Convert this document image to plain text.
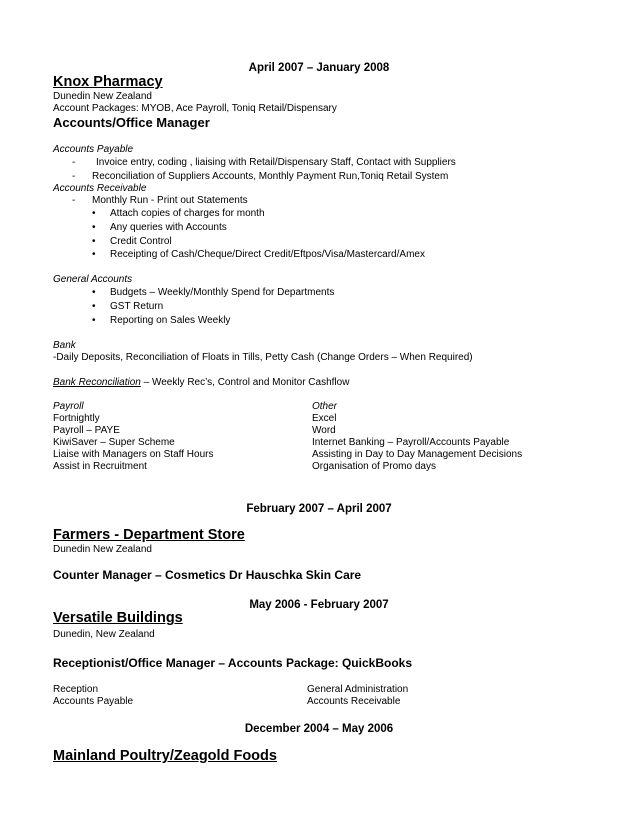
April 2007 – January 2008
Knox Pharmacy
Dunedin New Zealand
Account Packages: MYOB, Ace Payroll, Toniq Retail/Dispensary
Accounts/Office Manager
Accounts Payable
- Invoice entry, coding , liaising with Retail/Dispensary Staff, Contact with Suppliers
- Reconciliation of Suppliers Accounts, Monthly Payment Run,Toniq Retail System
Accounts Receivable
- Monthly Run - Print out Statements
• Attach copies of charges for month
• Any queries with Accounts
• Credit Control
• Receipting of Cash/Cheque/Direct Credit/Eftpos/Visa/Mastercard/Amex
General Accounts
• Budgets – Weekly/Monthly Spend for Departments
• GST Return
• Reporting on Sales Weekly
Bank
-Daily Deposits, Reconciliation of Floats in Tills, Petty Cash (Change Orders – When Required)
Bank Reconciliation – Weekly Rec’s, Control and Monitor Cashflow
Payroll
Fortnightly
Payroll – PAYE
KiwiSaver – Super Scheme
Liaise with Managers on Staff Hours
Assist in Recruitment
Other
Excel
Word
Internet Banking – Payroll/Accounts Payable
Assisting in Day to Day Management Decisions
Organisation of Promo days
February 2007 – April 2007
Farmers - Department Store
Dunedin New Zealand
Counter Manager – Cosmetics Dr Hauschka Skin Care
May 2006 - February 2007
Versatile Buildings
Dunedin, New Zealand
Receptionist/Office Manager – Accounts Package: QuickBooks
Reception
Accounts Payable
General Administration
Accounts Receivable
December 2004 – May 2006
Mainland Poultry/Zeagold Foods
